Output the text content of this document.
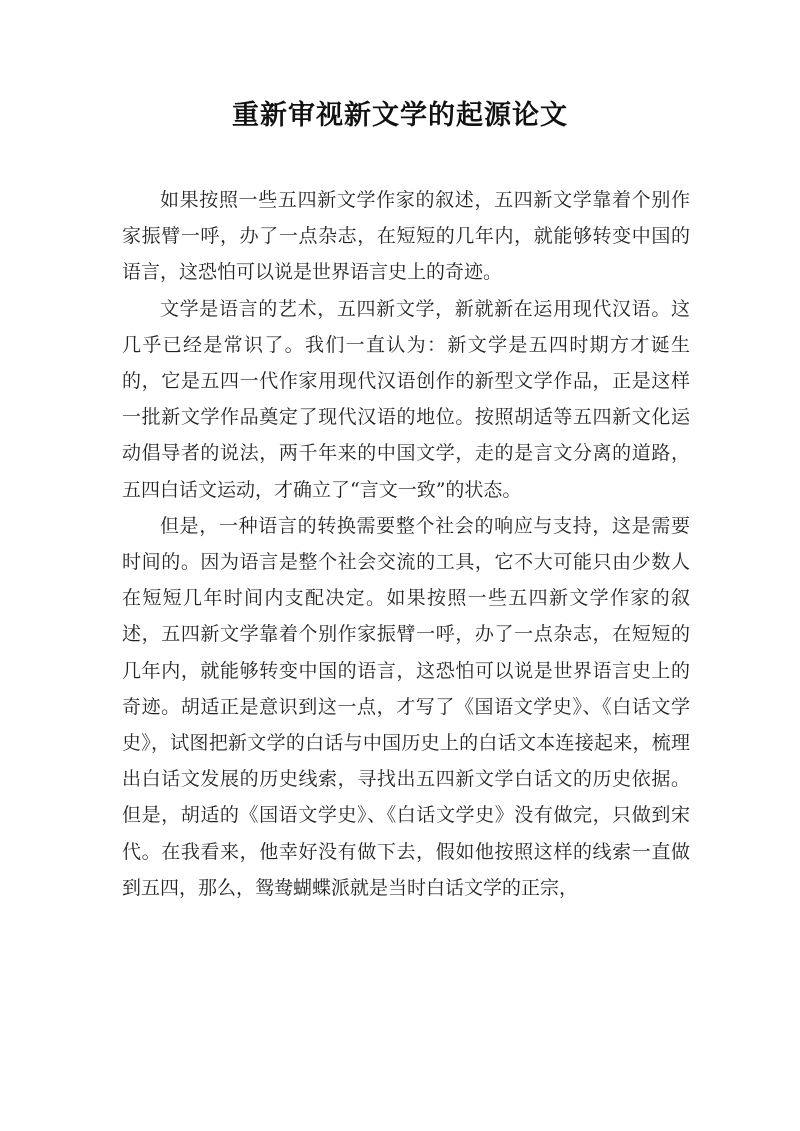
重新审视新文学的起源论文

如果按照一些五四新文学作家的叙述，五四新文学靠着个别作家振臂一呼，办了一点杂志，在短短的几年内，就能够转变中国的语言，这恐怕可以说是世界语言史上的奇迹。

文学是语言的艺术，五四新文学，新就新在运用现代汉语。这几乎已经是常识了。我们一直认为：新文学是五四时期方才诞生的，它是五四一代作家用现代汉语创作的新型文学作品，正是这样一批新文学作品奠定了现代汉语的地位。按照胡适等五四新文化运动倡导者的说法，两千年来的中国文学，走的是言文分离的道路，五四白话文运动，才确立了“言文一致”的状态。

但是，一种语言的转换需要整个社会的响应与支持，这是需要时间的。因为语言是整个社会交流的工具，它不大可能只由少数人在短短几年时间内支配决定。如果按照一些五四新文学作家的叙述，五四新文学靠着个别作家振臂一呼，办了一点杂志，在短短的几年内，就能够转变中国的语言，这恐怕可以说是世界语言史上的奇迹。胡适正是意识到这一点，才写了《国语文学史》、《白话文学史》，试图把新文学的白话与中国历史上的白话文本连接起来，梳理出白话文发展的历史线索，寻找出五四新文学白话文的历史依据。但是，胡适的《国语文学史》、《白话文学史》没有做完，只做到宋代。在我看来，他幸好没有做下去，假如他按照这样的线索一直做到五四，那么，鸳鸯蝴蝶派就是当时白话文学的正宗，
